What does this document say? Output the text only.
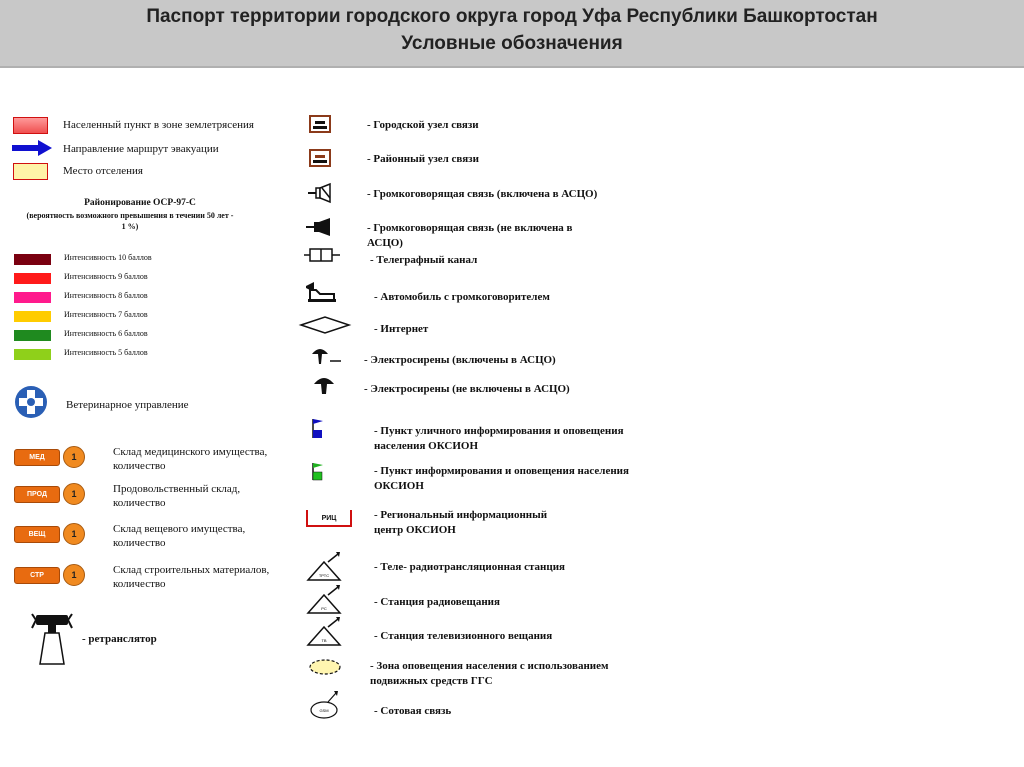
Паспорт территории городского округа город Уфа Республики Башкортостан
Условные обозначения
Населенный пункт в зоне землетрясения
Направление маршрут эвакуации
Место отселения
Районирование ОСР-97-С
(вероятность возможного превышения в течении 50 лет - 1 %)
Интенсивность 10 баллов
Интенсивность 9 баллов
Интенсивность 8 баллов
Интенсивность 7 баллов
Интенсивность 6 баллов
Интенсивность 5 баллов
Ветеринарное управление
МЕД	1	Склад медицинского имущества, количество
ПРОД	1	Продовольственный склад, количество
ВЕЩ	1	Склад вещевого имущества, количество
СТР	1	Склад строительных материалов, количество
- ретранслятор
РИЦ
ТРТС
РС
ТВ
GSM
- Городской узел связи
- Районный узел связи
- Громкоговорящая связь (включена в АСЦО)
- Громкоговорящая связь (не включена в АСЦО)
- Телеграфный канал
- Автомобиль с громкоговорителем
- Интернет
- Электросирены (включены в АСЦО)
- Электросирены (не включены в АСЦО)
- Пункт уличного информирования и оповещения населения ОКСИОН
- Пункт информирования и оповещения населения ОКСИОН
- Региональный информационный центр ОКСИОН
- Теле- радиотрансляционная станция
- Станция радиовещания
- Станция телевизионного вещания
- Зона оповещения населения с использованием подвижных средств ГГС
- Сотовая связь
